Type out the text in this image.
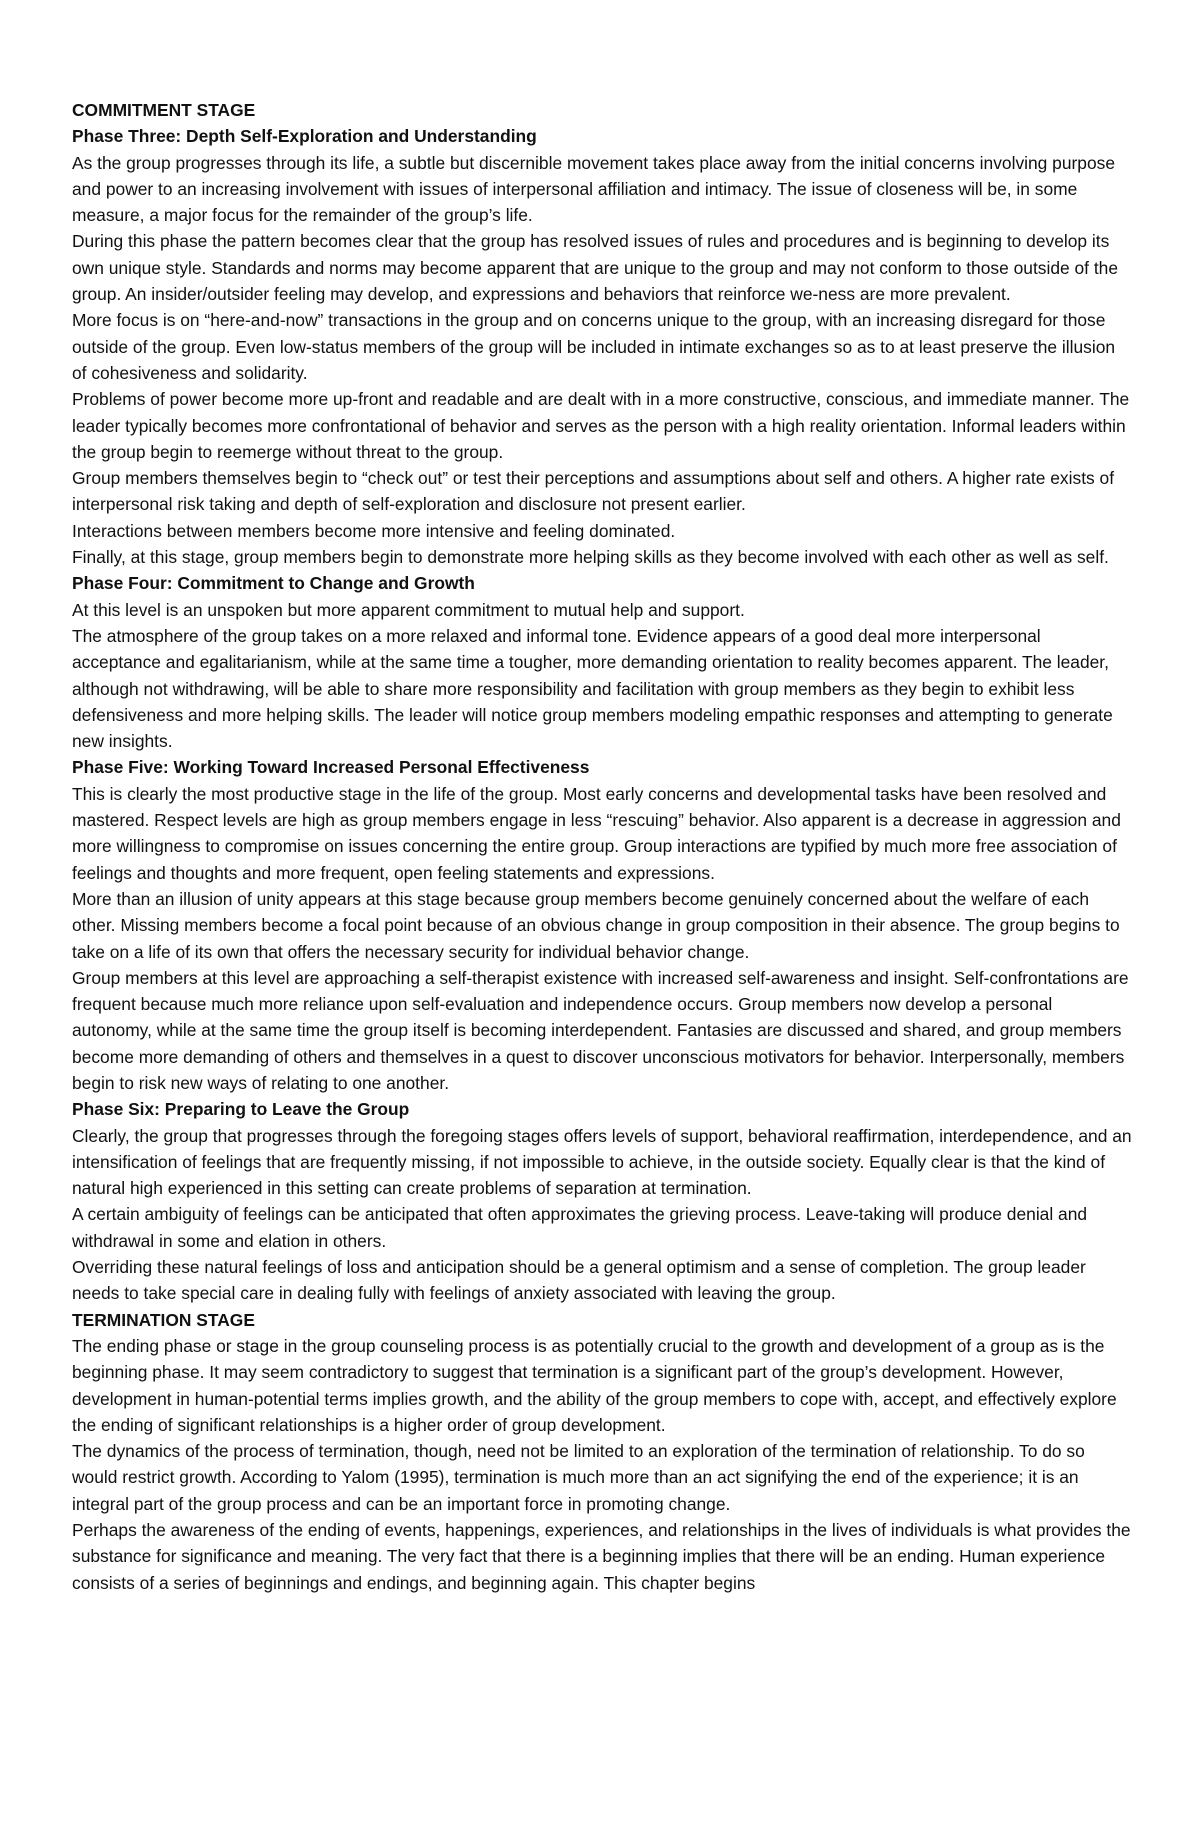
COMMITMENT STAGE
Phase Three: Depth Self-Exploration and Understanding
As the group progresses through its life, a subtle but discernible movement takes place away from the initial concerns involving purpose and power to an increasing involvement with issues of interpersonal affiliation and intimacy. The issue of closeness will be, in some measure, a major focus for the remainder of the group’s life.
During this phase the pattern becomes clear that the group has resolved issues of rules and procedures and is beginning to develop its own unique style. Standards and norms may become apparent that are unique to the group and may not conform to those outside of the group. An insider/outsider feeling may develop, and expressions and behaviors that reinforce we-ness are more prevalent.
More focus is on “here-and-now” transactions in the group and on concerns unique to the group, with an increasing disregard for those outside of the group. Even low-status members of the group will be included in intimate exchanges so as to at least preserve the illusion of cohesiveness and solidarity.
Problems of power become more up-front and readable and are dealt with in a more constructive, conscious, and immediate manner. The leader typically becomes more confrontational of behavior and serves as the person with a high reality orientation. Informal leaders within the group begin to reemerge without threat to the group.
Group members themselves begin to “check out” or test their perceptions and assumptions about self and others. A higher rate exists of interpersonal risk taking and depth of self-exploration and disclosure not present earlier.
Interactions between members become more intensive and feeling dominated.
Finally, at this stage, group members begin to demonstrate more helping skills as they become involved with each other as well as self.
Phase Four: Commitment to Change and Growth
At this level is an unspoken but more apparent commitment to mutual help and support.
The atmosphere of the group takes on a more relaxed and informal tone. Evidence appears of a good deal more interpersonal acceptance and egalitarianism, while at the same time a tougher, more demanding orientation to reality becomes apparent. The leader, although not withdrawing, will be able to share more responsibility and facilitation with group members as they begin to exhibit less defensiveness and more helping skills. The leader will notice group members modeling empathic responses and attempting to generate new insights.
Phase Five: Working Toward Increased Personal Effectiveness
This is clearly the most productive stage in the life of the group. Most early concerns and developmental tasks have been resolved and mastered. Respect levels are high as group members engage in less “rescuing” behavior. Also apparent is a decrease in aggression and more willingness to compromise on issues concerning the entire group. Group interactions are typified by much more free association of feelings and thoughts and more frequent, open feeling statements and expressions.
More than an illusion of unity appears at this stage because group members become genuinely concerned about the welfare of each other. Missing members become a focal point because of an obvious change in group composition in their absence. The group begins to take on a life of its own that offers the necessary security for individual behavior change.
Group members at this level are approaching a self-therapist existence with increased self-awareness and insight. Self-confrontations are frequent because much more reliance upon self-evaluation and independence occurs. Group members now develop a personal autonomy, while at the same time the group itself is becoming interdependent. Fantasies are discussed and shared, and group members become more demanding of others and themselves in a quest to discover unconscious motivators for behavior. Interpersonally, members begin to risk new ways of relating to one another.
Phase Six: Preparing to Leave the Group
Clearly, the group that progresses through the foregoing stages offers levels of support, behavioral reaffirmation, interdependence, and an intensification of feelings that are frequently missing, if not impossible to achieve, in the outside society. Equally clear is that the kind of natural high experienced in this setting can create problems of separation at termination.
A certain ambiguity of feelings can be anticipated that often approximates the grieving process. Leave-taking will produce denial and withdrawal in some and elation in others.
Overriding these natural feelings of loss and anticipation should be a general optimism and a sense of completion. The group leader needs to take special care in dealing fully with feelings of anxiety associated with leaving the group.
TERMINATION STAGE
The ending phase or stage in the group counseling process is as potentially crucial to the growth and development of a group as is the beginning phase. It may seem contradictory to suggest that termination is a significant part of the group’s development. However, development in human-potential terms implies growth, and the ability of the group members to cope with, accept, and effectively explore the ending of significant relationships is a higher order of group development.
The dynamics of the process of termination, though, need not be limited to an exploration of the termination of relationship. To do so would restrict growth. According to Yalom (1995), termination is much more than an act signifying the end of the experience; it is an integral part of the group process and can be an important force in promoting change.
Perhaps the awareness of the ending of events, happenings, experiences, and relationships in the lives of individuals is what provides the substance for significance and meaning. The very fact that there is a beginning implies that there will be an ending. Human experience consists of a series of beginnings and endings, and beginning again. This chapter begins
